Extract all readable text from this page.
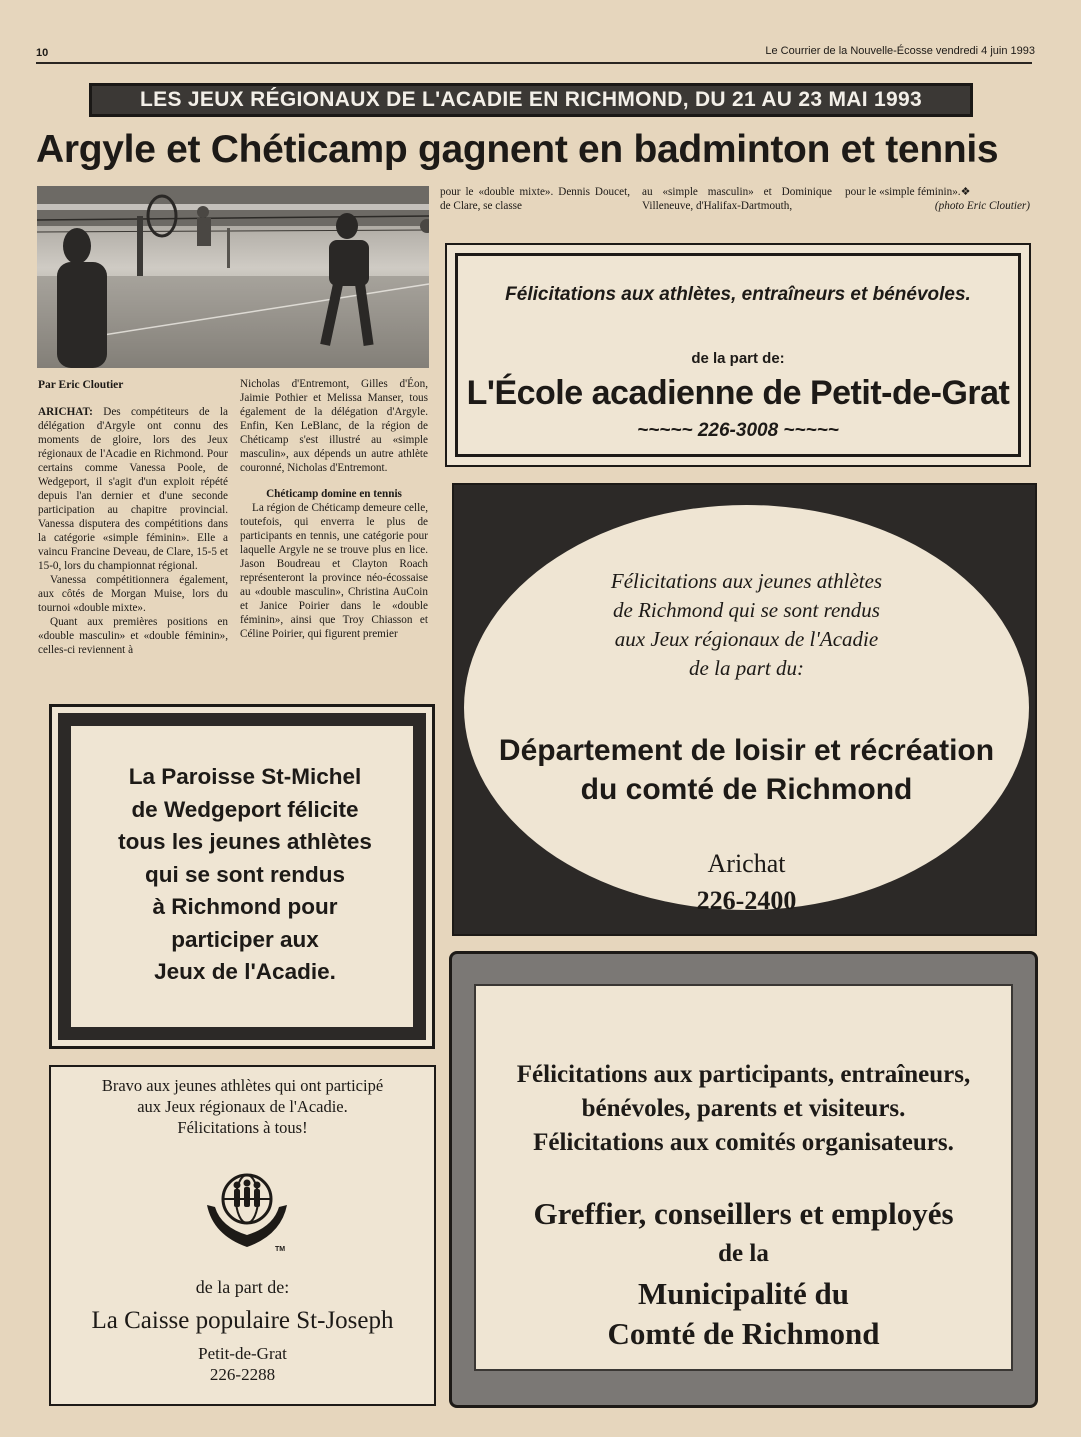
10	Le Courrier de la Nouvelle-Écosse vendredi 4 juin 1993
LES JEUX RÉGIONAUX DE L'ACADIE EN RICHMOND, DU 21 AU 23 MAI 1993
Argyle et Chéticamp gagnent en badminton et tennis
Par Eric Cloutier

ARICHAT: Des compétiteurs de la délégation d'Argyle ont connu des moments de gloire, lors des Jeux régionaux de l'Acadie en Richmond. Pour certains comme Vanessa Poole, de Wedgeport, il s'agit d'un exploit répété depuis l'an dernier et d'une seconde participation au chapitre provincial. Vanessa disputera des compétitions dans la catégorie «simple féminin». Elle a vaincu Francine Deveau, de Clare, 15-5 et 15-0, lors du championnat régional.

Vanessa compétitionnera également, aux côtés de Morgan Muise, lors du tournoi «double mixte».

Quant aux premières positions en «double masculin» et «double féminin», celles-ci reviennent à

Nicholas d'Entremont, Gilles d'Éon, Jaimie Pothier et Melissa Manser, tous également de la délégation d'Argyle. Enfin, Ken LeBlanc, de la région de Chéticamp s'est illustré au «simple masculin», aux dépends un autre athlète couronné, Nicholas d'Entremont.

Chéticamp domine en tennis

La région de Chéticamp demeure celle, toutefois, qui enverra le plus de participants en tennis, une catégorie pour laquelle Argyle ne se trouve plus en lice. Jason Boudreau et Clayton Roach représenteront la province néo-écossaise au «double masculin», Christina AuCoin et Janice Poirier dans le «double féminin», ainsi que Troy Chiasson et Céline Poirier, qui figurent premier

pour le «double mixte». Dennis Doucet, de Clare, se classe
au «simple masculin» et Dominique Villeneuve, d'Halifax-Dartmouth,

pour le «simple féminin».❖

(photo Eric Cloutier)

Félicitations aux athlètes, entraîneurs et bénévoles.
de la part de:
L'École acadienne de Petit-de-Grat
~~~~~ 226-3008 ~~~~~
Félicitations aux jeunes athlètes
de Richmond qui se sont rendus
aux Jeux régionaux de l'Acadie
de la part du:
Département de loisir et récréation
du comté de Richmond
Arichat
226-2400
La Paroisse St-Michel
de Wedgeport félicite
tous les jeunes athlètes
qui se sont rendus
à Richmond pour
participer aux
Jeux de l'Acadie.
Bravo aux jeunes athlètes qui ont participé
aux Jeux régionaux de l'Acadie.
Félicitations à tous!
TM
de la part de:
La Caisse populaire St-Joseph
Petit-de-Grat
226-2288
Félicitations aux participants, entraîneurs,
bénévoles, parents et visiteurs.
Félicitations aux comités organisateurs.
Greffier, conseillers et employés
de la
Municipalité du
Comté de Richmond
